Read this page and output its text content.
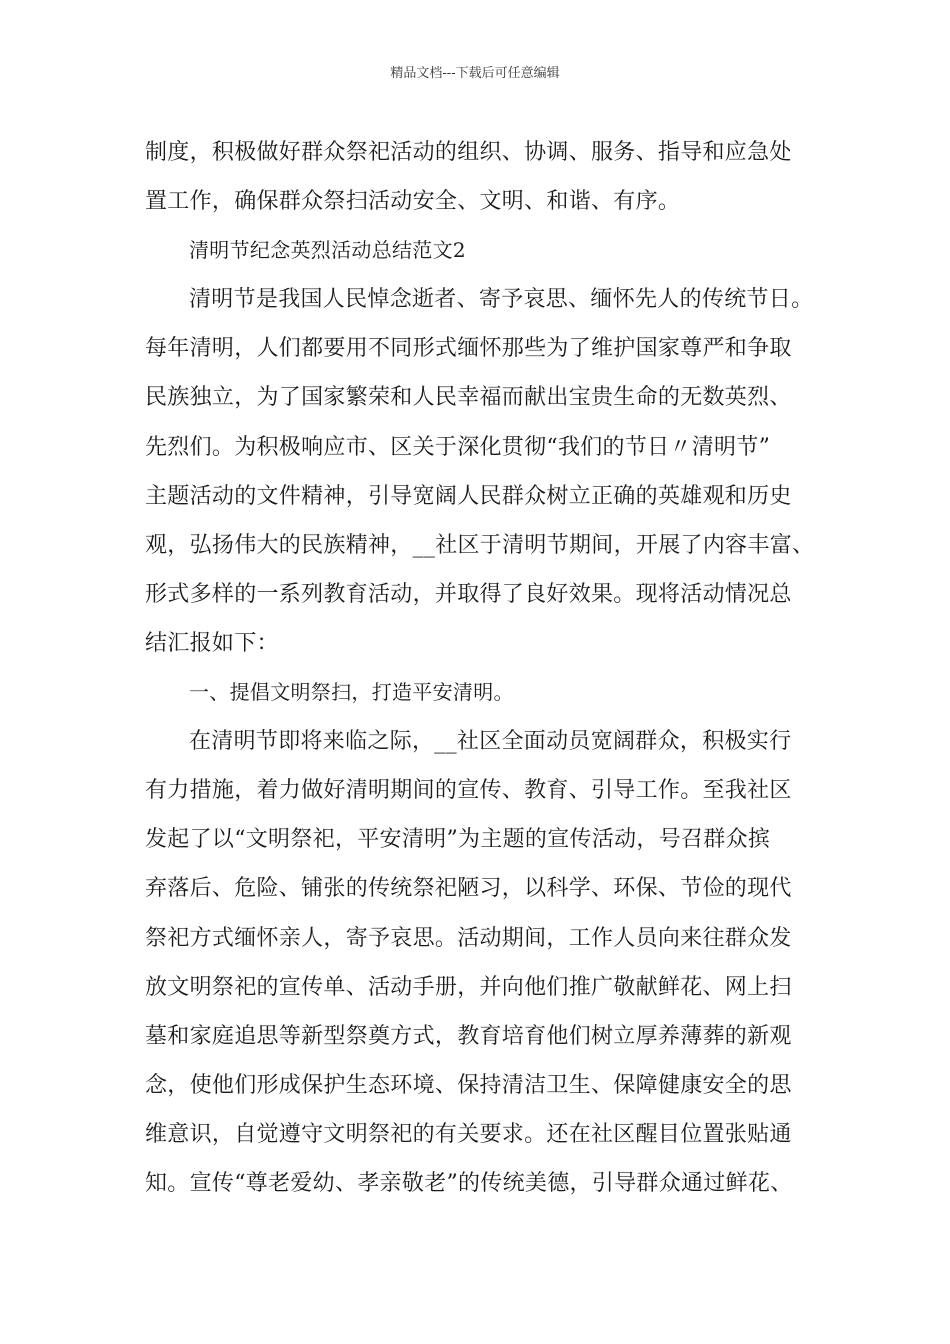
精品文档---下载后可任意编辑
制度，积极做好群众祭祀活动的组织、协调、服务、指导和应急处
置工作，确保群众祭扫活动安全、文明、和谐、有序。
清明节纪念英烈活动总结范文2
清明节是我国人民悼念逝者、寄予哀思、缅怀先人的传统节日。
每年清明，人们都要用不同形式缅怀那些为了维护国家尊严和争取
民族独立，为了国家繁荣和人民幸福而献出宝贵生命的无数英烈、
先烈们。为积极响应市、区关于深化贯彻“我们的节日〃清明节”
主题活动的文件精神，引导宽阔人民群众树立正确的英雄观和历史
观，弘扬伟大的民族精神，__社区于清明节期间，开展了内容丰富、
形式多样的一系列教育活动，并取得了良好效果。现将活动情况总
结汇报如下：
一、提倡文明祭扫，打造平安清明。
在清明节即将来临之际，__社区全面动员宽阔群众，积极实行
有力措施，着力做好清明期间的宣传、教育、引导工作。至我社区
发起了以“文明祭祀，平安清明”为主题的宣传活动，号召群众摈
弃落后、危险、铺张的传统祭祀陋习，以科学、环保、节俭的现代
祭祀方式缅怀亲人，寄予哀思。活动期间，工作人员向来往群众发
放文明祭祀的宣传单、活动手册，并向他们推广敬献鲜花、网上扫
墓和家庭追思等新型祭奠方式，教育培育他们树立厚养薄葬的新观
念，使他们形成保护生态环境、保持清洁卫生、保障健康安全的思
维意识，自觉遵守文明祭祀的有关要求。还在社区醒目位置张贴通
知。宣传“尊老爱幼、孝亲敬老”的传统美德，引导群众通过鲜花、
